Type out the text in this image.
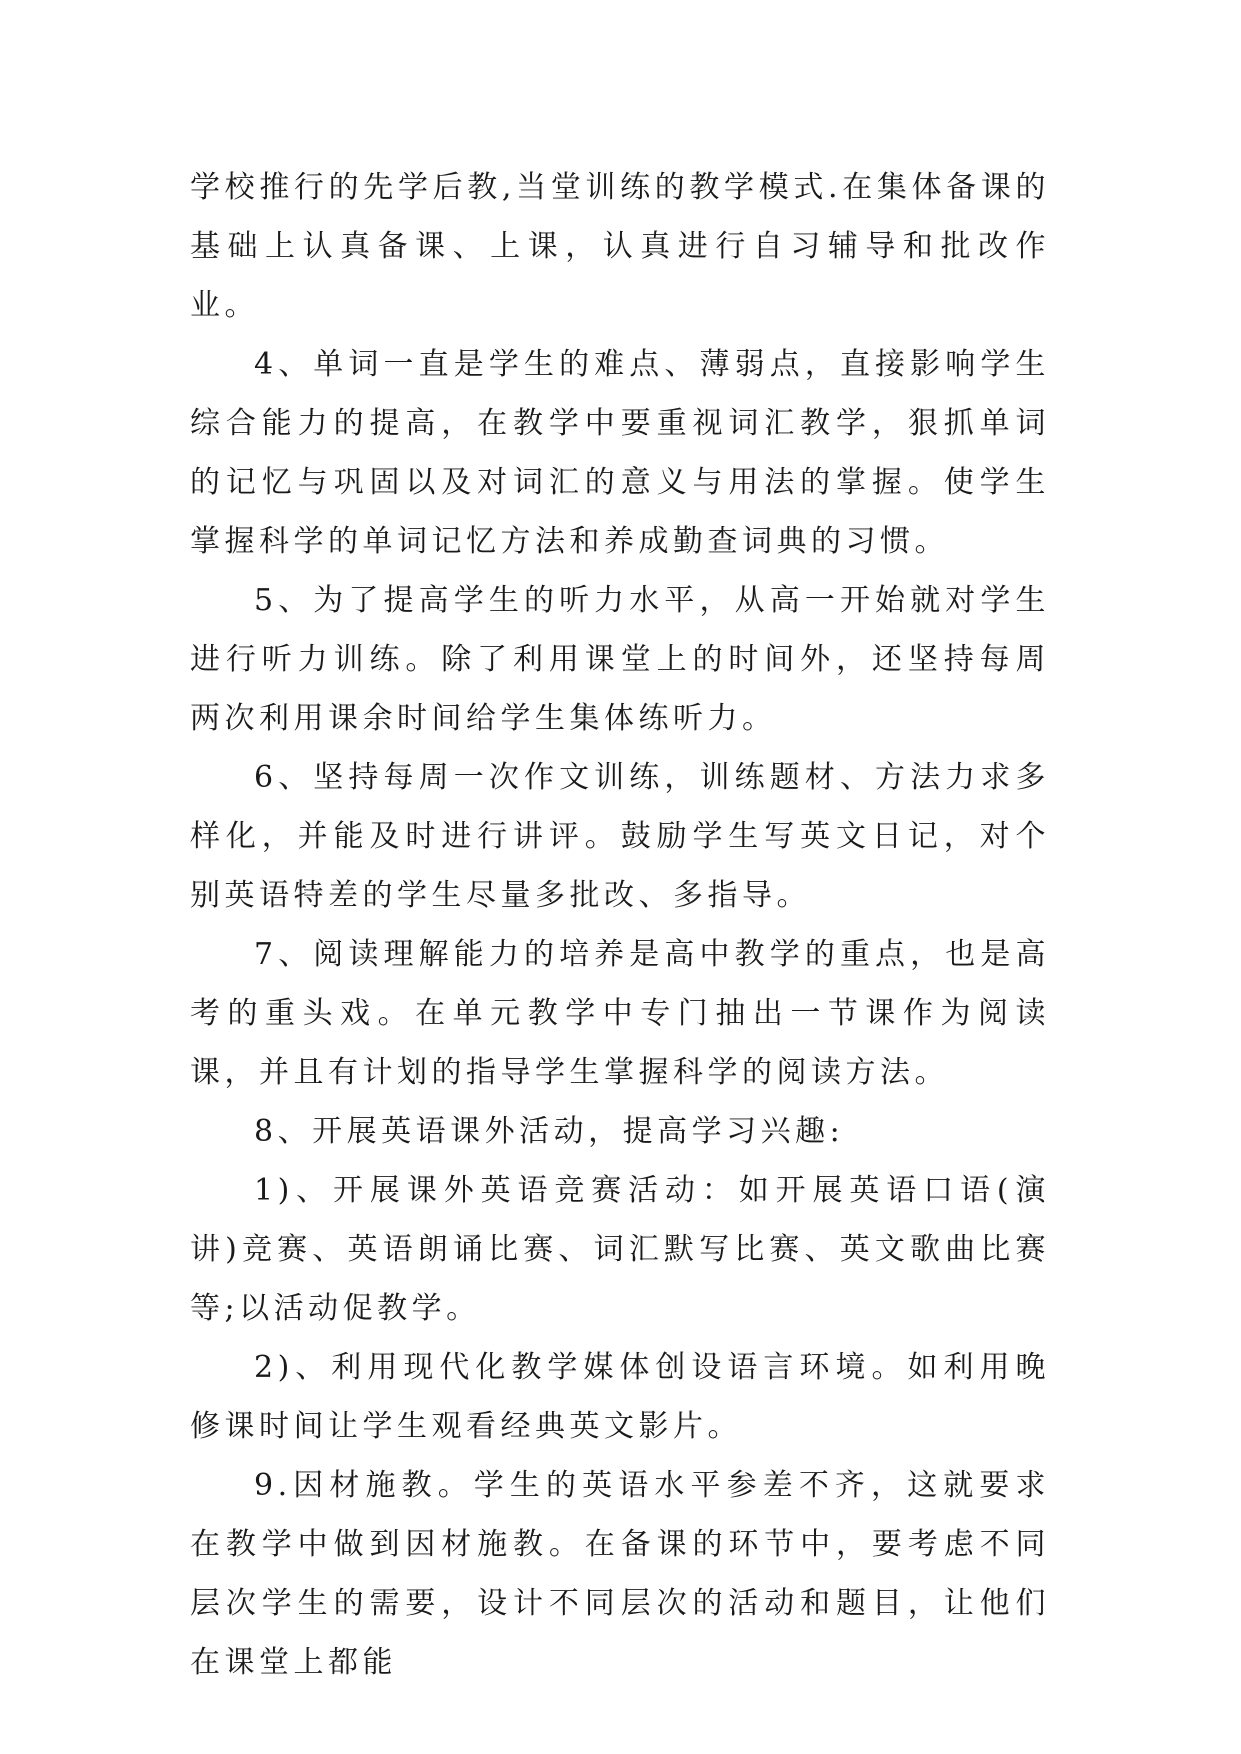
学校推行的先学后教,当堂训练的教学模式.在集体备课的基础上认真备课、上课，认真进行自习辅导和批改作业。

4、单词一直是学生的难点、薄弱点，直接影响学生综合能力的提高，在教学中要重视词汇教学，狠抓单词的记忆与巩固以及对词汇的意义与用法的掌握。使学生掌握科学的单词记忆方法和养成勤查词典的习惯。

5、为了提高学生的听力水平，从高一开始就对学生进行听力训练。除了利用课堂上的时间外，还坚持每周两次利用课余时间给学生集体练听力。

6、坚持每周一次作文训练，训练题材、方法力求多样化，并能及时进行讲评。鼓励学生写英文日记，对个别英语特差的学生尽量多批改、多指导。

7、阅读理解能力的培养是高中教学的重点，也是高考的重头戏。在单元教学中专门抽出一节课作为阅读课，并且有计划的指导学生掌握科学的阅读方法。

8、开展英语课外活动，提高学习兴趣:

1)、开展课外英语竞赛活动：如开展英语口语(演讲)竞赛、英语朗诵比赛、词汇默写比赛、英文歌曲比赛等;以活动促教学。

2)、利用现代化教学媒体创设语言环境。如利用晚修课时间让学生观看经典英文影片。

9.因材施教。学生的英语水平参差不齐，这就要求在教学中做到因材施教。在备课的环节中，要考虑不同层次学生的需要，设计不同层次的活动和题目，让他们在课堂上都能
